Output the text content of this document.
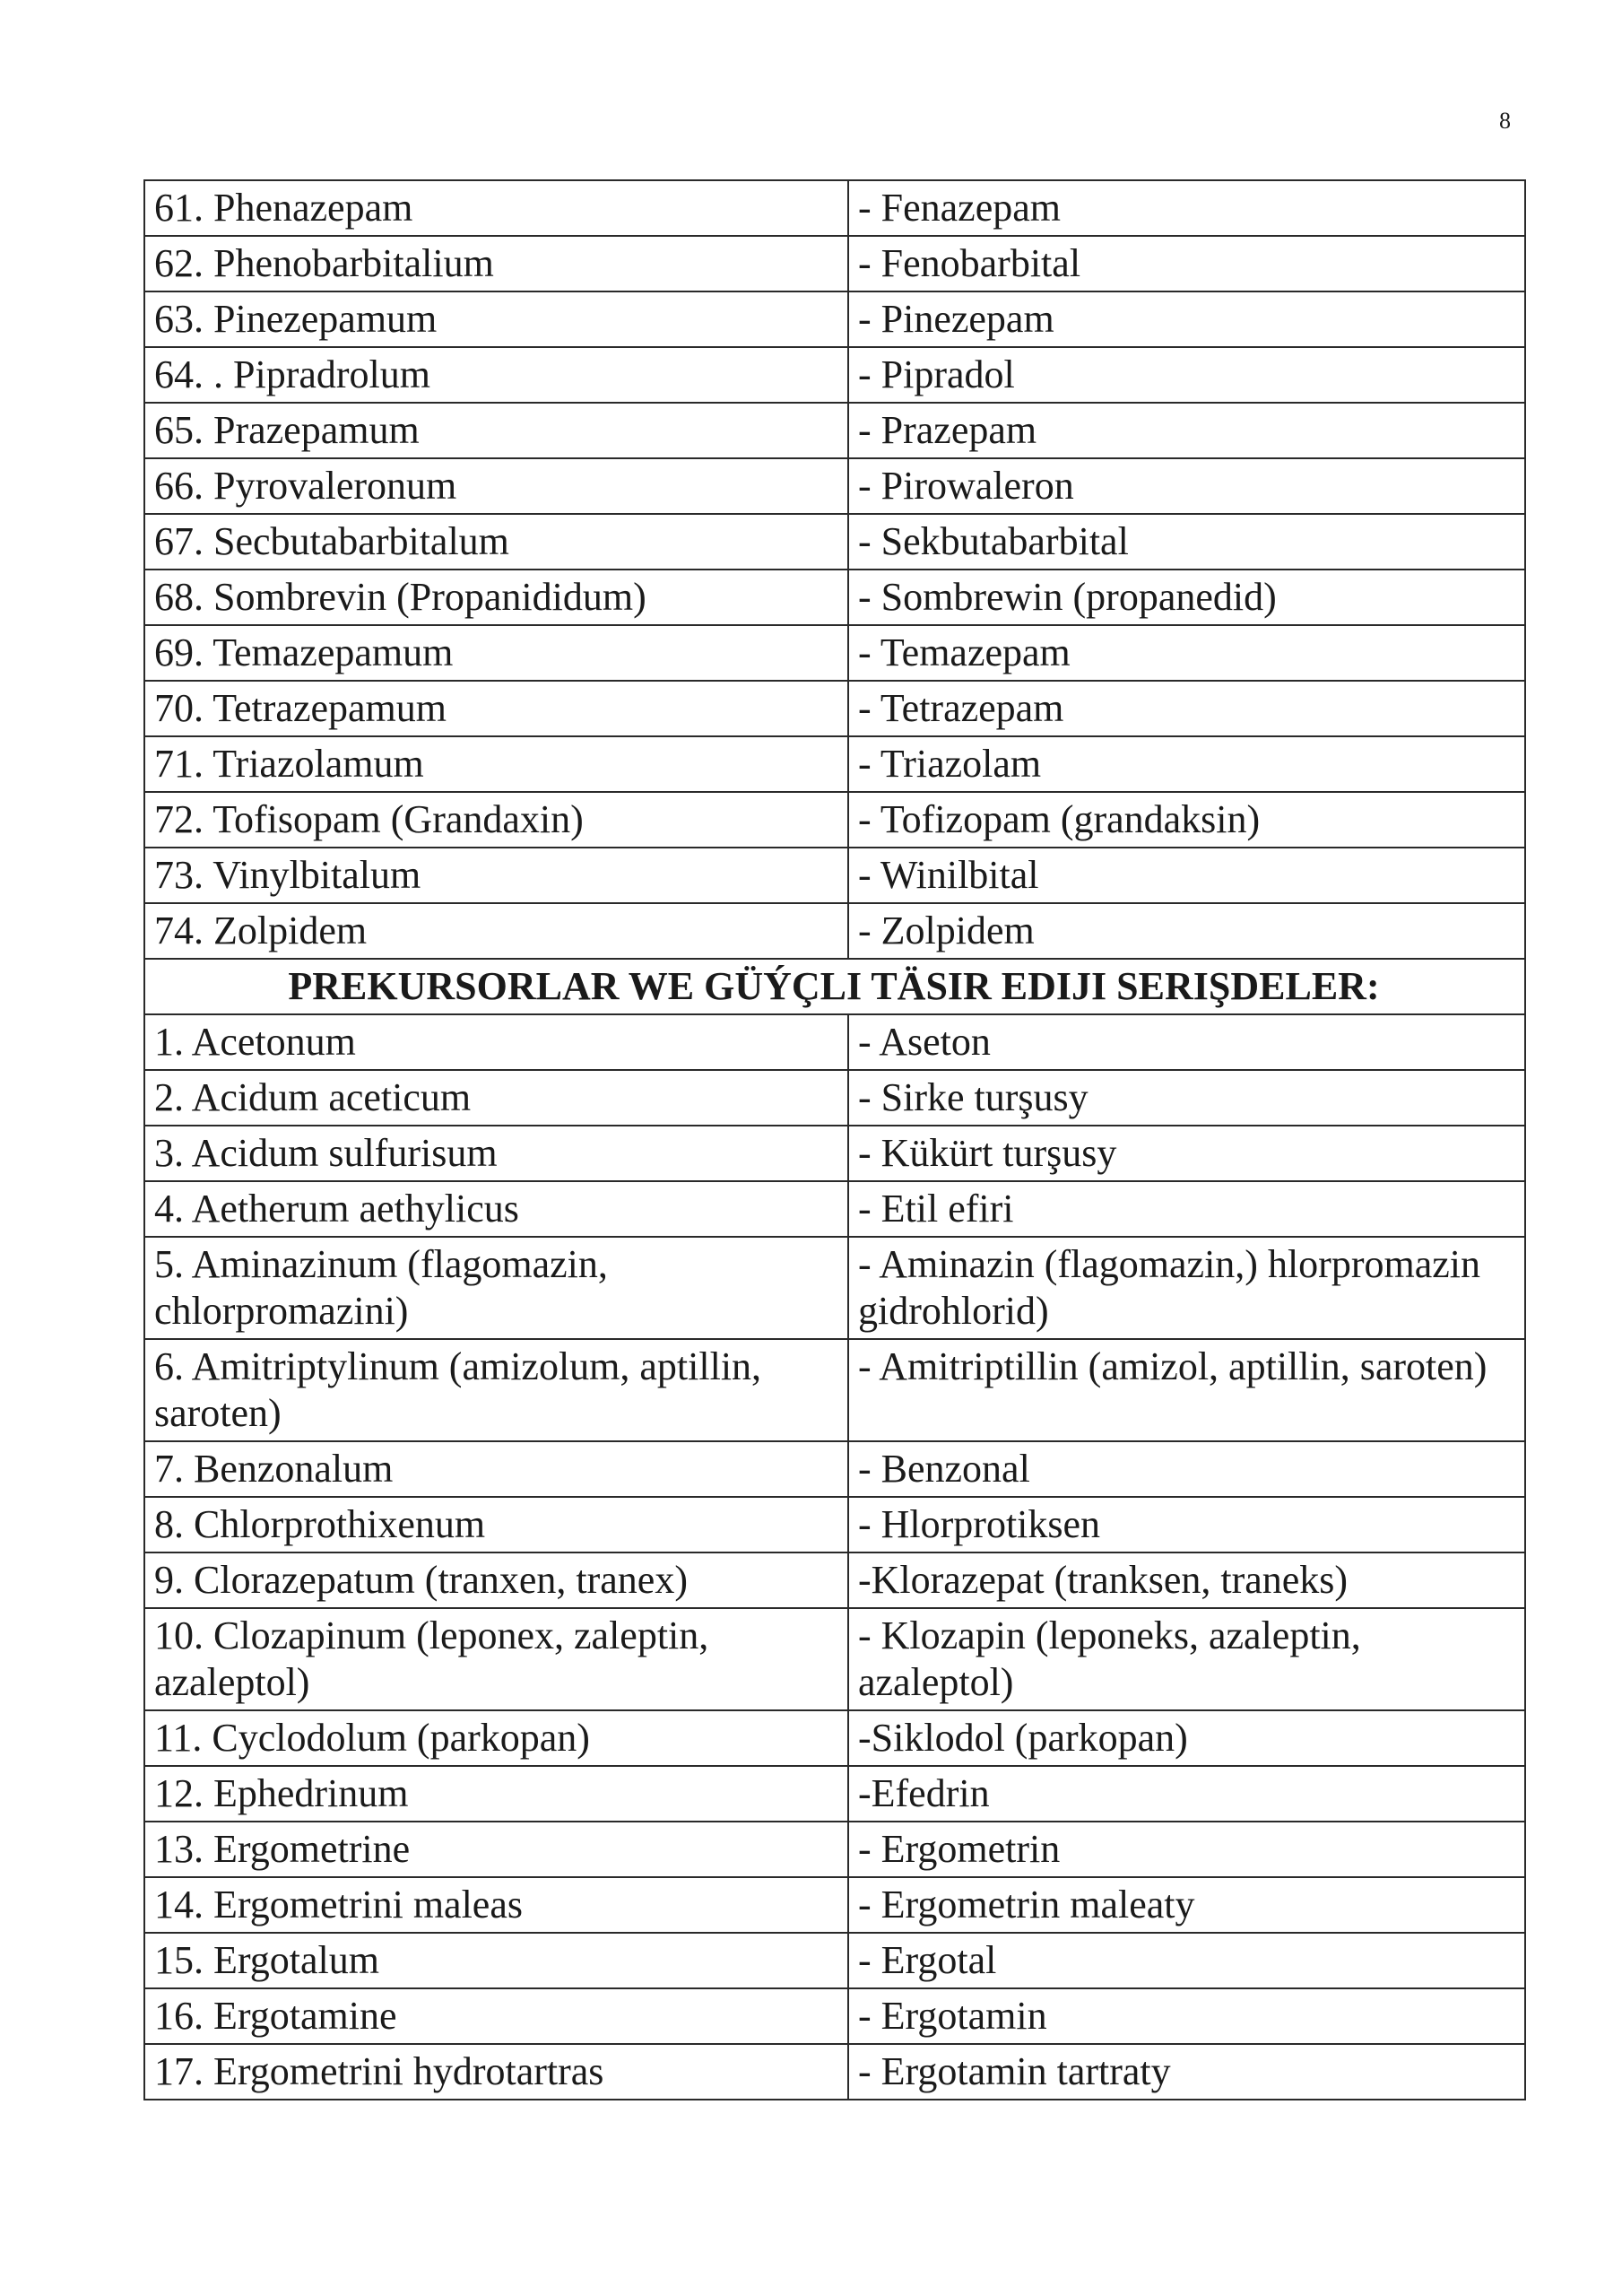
8
61. Phenazepam	- Fenazepam
62. Phenobarbitalium	- Fenobarbital
63. Pinezepamum	- Pinezepam
64. . Pipradrolum	- Pipradol
65. Prazepamum	- Prazepam
66. Pyrovaleronum	- Pirowaleron
67. Secbutabarbitalum	- Sekbutabarbital
68. Sombrevin (Propanididum)	- Sombrewin (propanedid)
69. Temazepamum	- Temazepam
70. Tetrazepamum	- Tetrazepam
71. Triazolamum	- Triazolam
72. Tofisopam (Grandaxin)	- Tofizopam (grandaksin)
73. Vinylbitalum	- Winilbital
74. Zolpidem	- Zolpidem
PREKURSORLAR WE GÜÝÇLI TÄSIR EDIJI SERIŞDELER:	
1. Acetonum	- Aseton
2. Acidum aceticum	- Sirke turşusy
3. Acidum sulfurisum	- Kükürt turşusy
4. Aetherum aethylicus	- Etil efiri
5. Aminazinum (flagomazin, chlorpromazini)	- Aminazin (flagomazin,) hlorpromazin gidrohlorid)
6. Amitriptylinum (amizolum, aptillin, saroten)	- Amitriptillin (amizol, aptillin, saroten)
7. Benzonalum	- Benzonal
8. Chlorprothixenum	- Hlorprotiksen
9. Clorazepatum (tranxen, tranex)	-Klorazepat (tranksen, traneks)
10. Clozapinum (leponex, zaleptin, azaleptol)	- Klozapin (leponeks, azaleptin, azaleptol)
11. Cyclodolum (parkopan)	-Siklodol (parkopan)
12. Ephedrinum	-Efedrin
13. Ergometrine	- Ergometrin
14. Ergometrini maleas	- Ergometrin maleaty
15. Ergotalum	- Ergotal
16. Ergotamine	- Ergotamin
17. Ergometrini hydrotartras	- Ergotamin tartraty
